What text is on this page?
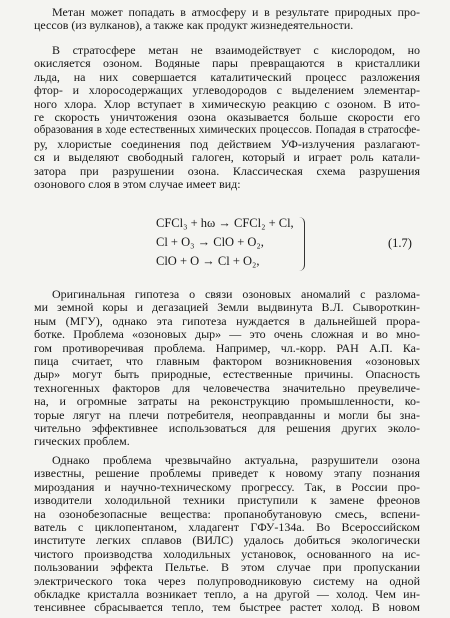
Метан может попадать в атмосферу и в результате природных про-
цессов (из вулканов), а также как продукт жизнедеятельности.
В стратосфере метан не взаимодействует с кислородом, но
окисляется озоном. Водяные пары превращаются в кристаллики
льда, на них совершается каталитический процесс разложения
фтор- и хлоросодержащих углеводородов с выделением элементар-
ного хлора. Хлор вступает в химическую реакцию с озоном. В ито-
ге скорость уничтожения озона оказывается больше скорости его
образования в ходе естественных химических процессов. Попадая в стратосфе-
ру, хлористые соединения под действием УФ-излучения разлагают-
ся и выделяют свободный галоген, который и играет роль катали-
затора при разрушении озона. Классическая схема разрушения
озонового слоя в этом случае имеет вид:
CFCl₃ + hω → CFCl₂ + Cl,
Cl + O₃ → ClO + O₂,
ClO + O → Cl + O₂,
(1.7)
Оригинальная гипотеза о связи озоновых аномалий с разлома-
ми земной коры и дегазацией Земли выдвинута В.Л. Сывороткин-
ным (МГУ), однако эта гипотеза нуждается в дальнейшей прора-
ботке. Проблема «озоновых дыр» — это очень сложная и во мно-
гом противоречивая проблема. Например, чл.-корр. РАН А.П. Ка-
пица считает, что главным фактором возникновения «озоновых
дыр» могут быть природные, естественные причины. Опасность
техногенных факторов для человечества значительно преувеличе-
на, и огромные затраты на реконструкцию промышленности, ко-
торые лягут на плечи потребителя, неоправданны и могли бы зна-
чительно эффективнее использоваться для решения других эколо-
гических проблем.
Однако проблема чрезвычайно актуальна, разрушители озона
известны, решение проблемы приведет к новому этапу познания
мироздания и научно-техническому прогрессу. Так, в России про-
изводители холодильной техники приступили к замене фреонов
на озонобезопасные вещества: пропанобутановую смесь, вспени-
ватель с циклопентаном, хладагент ГФУ-134а. Во Всероссийском
институте легких сплавов (ВИЛС) удалось добиться экологически
чистого производства холодильных установок, основанного на ис-
пользовании эффекта Пельтье. В этом случае при пропускании
электрического тока через полупроводниковую систему на одной
обкладке кристалла возникает тепло, а на другой — холод. Чем ин-
тенсивнее сбрасывается тепло, тем быстрее растет холод. В новом
